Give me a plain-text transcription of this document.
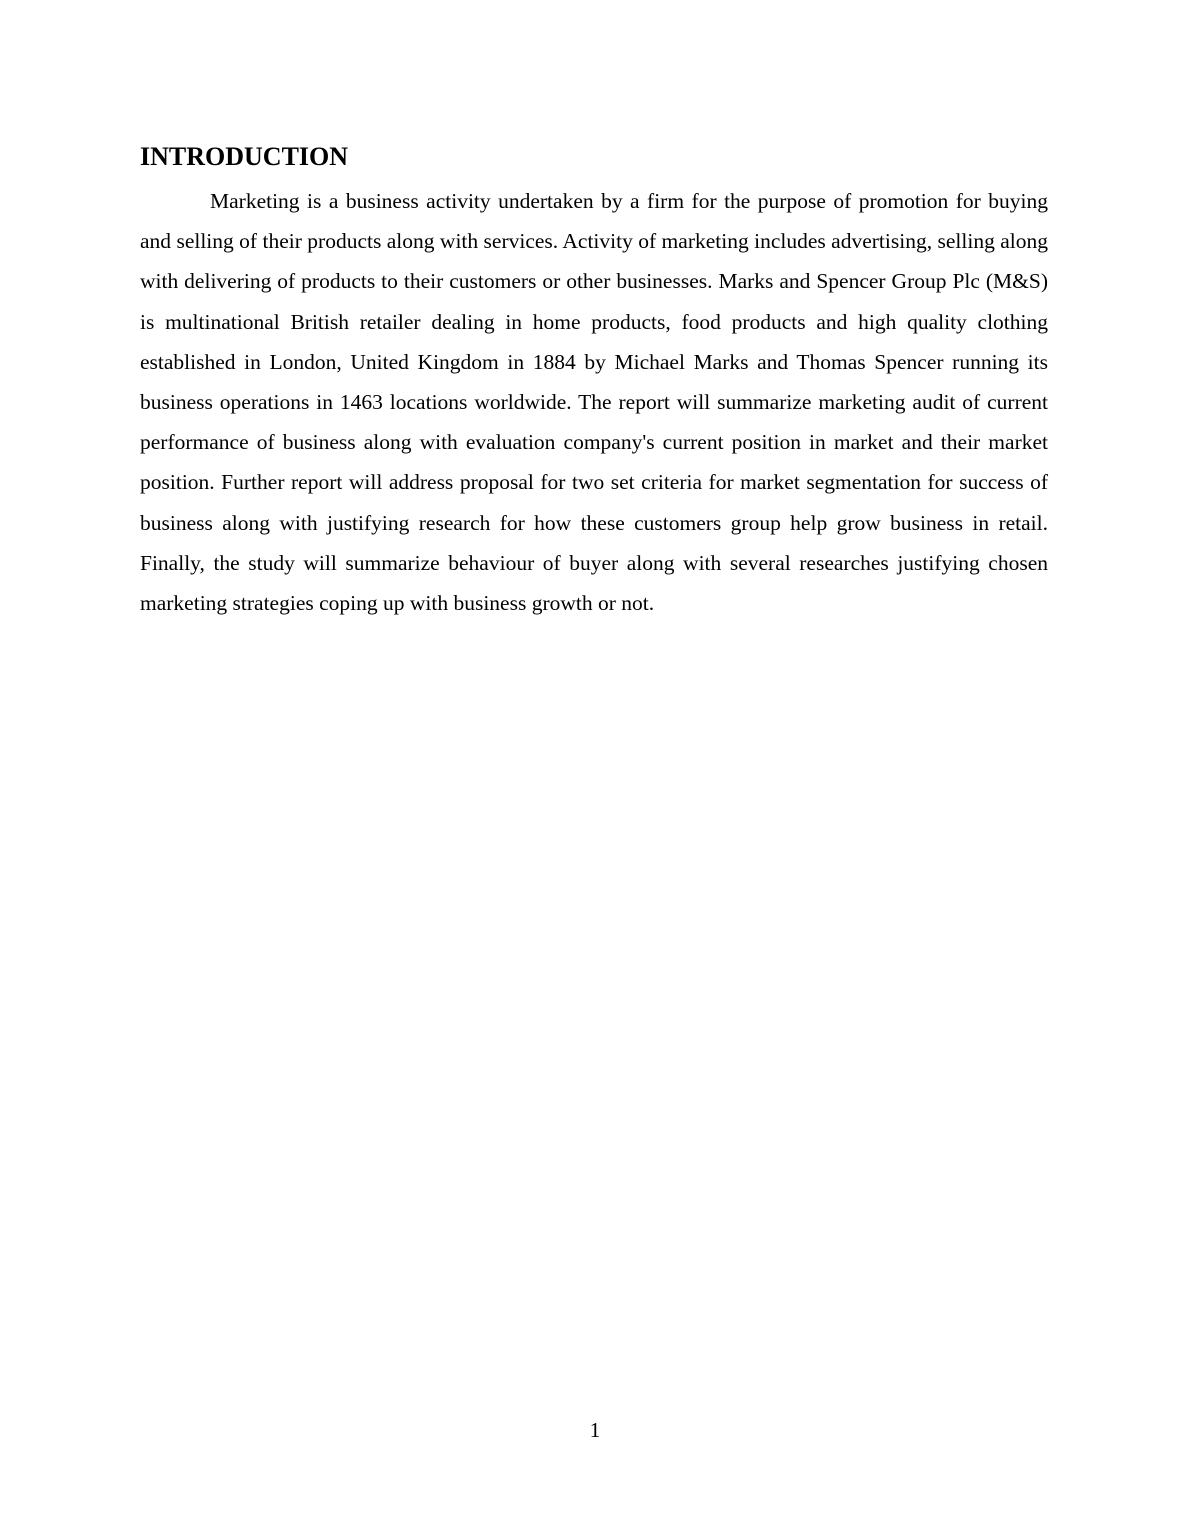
INTRODUCTION

Marketing is a business activity undertaken by a firm for the purpose of promotion for buying and selling of their products along with services. Activity of marketing includes advertising, selling along with delivering of products to their customers or other businesses. Marks and Spencer Group Plc (M&S) is multinational British retailer dealing in home products, food products and high quality clothing established in London, United Kingdom in 1884 by Michael Marks and Thomas Spencer running its business operations in 1463 locations worldwide. The report will summarize marketing audit of current performance of business along with evaluation company's current position in market and their market position. Further report will address proposal for two set criteria for market segmentation for success of business along with justifying research for how these customers group help grow business in retail. Finally, the study will summarize behaviour of buyer along with several researches justifying chosen marketing strategies coping up with business growth or not.

1
